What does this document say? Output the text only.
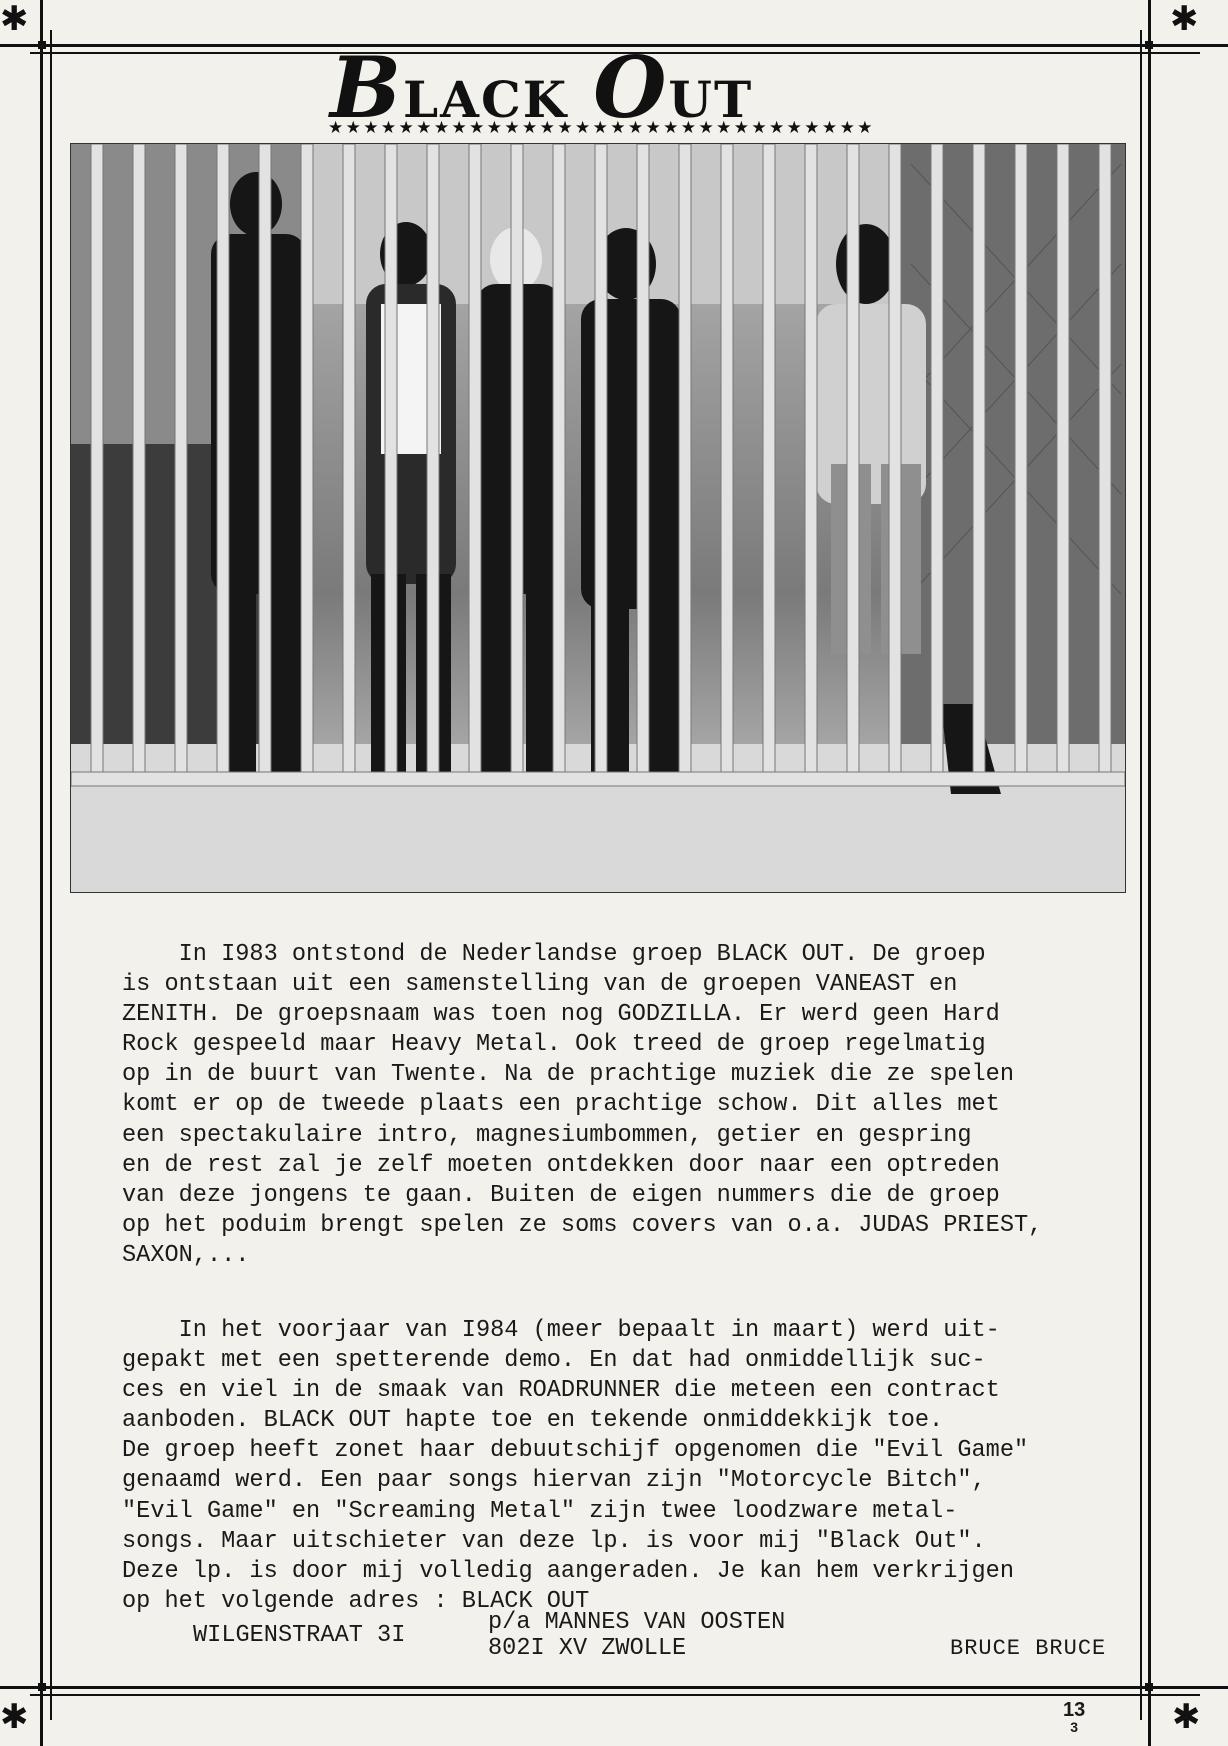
✱	✱
✱	✱
BLACK OUT
★★★★★★★★★★★★★★★★★★★★★★★★★★★★★★★
In I983 ontstond de Nederlandse groep BLACK OUT. De groep
is ontstaan uit een samenstelling van de groepen VANEAST en
ZENITH. De groepsnaam was toen nog GODZILLA. Er werd geen Hard
Rock gespeeld maar Heavy Metal. Ook treed de groep regelmatig
op in de buurt van Twente. Na de prachtige muziek die ze spelen
komt er op de tweede plaats een prachtige schow. Dit alles met
een spectakulaire intro, magnesiumbommen, getier en gespring
en de rest zal je zelf moeten ontdekken door naar een optreden
van deze jongens te gaan. Buiten de eigen nummers die de groep
op het poduim brengt spelen ze soms covers van o.a. JUDAS PRIEST,
SAXON,...
In het voorjaar van I984 (meer bepaalt in maart) werd uit-
gepakt met een spetterende demo. En dat had onmiddellijk suc-
ces en viel in de smaak van ROADRUNNER die meteen een contract
aanboden. BLACK OUT hapte toe en tekende onmiddekkijk toe.
De groep heeft zonet haar debuutschijf opgenomen die "Evil Game"
genaamd werd. Een paar songs hiervan zijn "Motorcycle Bitch",
"Evil Game" en "Screaming Metal" zijn twee loodzware metal-
songs. Maar uitschieter van deze lp. is voor mij "Black Out".
Deze lp. is door mij volledig aangeraden. Je kan hem verkrijgen
op het volgende adres : BLACK OUT
WILGENSTRAAT 3I	p/a MANNES VAN OOSTEN
802I XV ZWOLLE	BRUCE BRUCE
13
3
